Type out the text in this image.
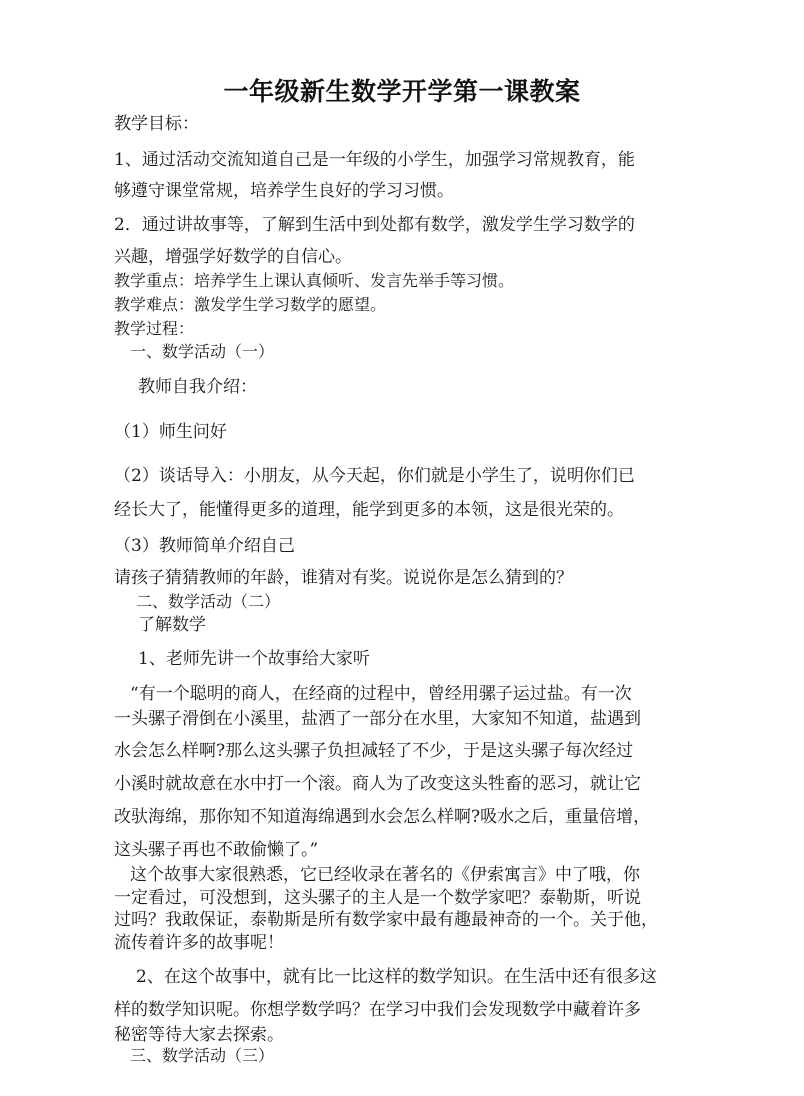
一年级新生数学开学第一课教案
教学目标：
1、通过活动交流知道自己是一年级的小学生，加强学习常规教育，能
够遵守课堂常规，培养学生良好的学习习惯。
2．通过讲故事等，了解到生活中到处都有数学，激发学生学习数学的
兴趣，增强学好数学的自信心。
教学重点：培养学生上课认真倾听、发言先举手等习惯。
教学难点：激发学生学习数学的愿望。
教学过程：
一、数学活动（一）
教师自我介绍：
（1）师生问好
（2）谈话导入：小朋友，从今天起，你们就是小学生了，说明你们已
经长大了，能懂得更多的道理，能学到更多的本领，这是很光荣的。
（3）教师简单介绍自己
请孩子猜猜教师的年龄，谁猜对有奖。说说你是怎么猜到的？
二、数学活动（二）
了解数学
1、老师先讲一个故事给大家听
“有一个聪明的商人，在经商的过程中，曾经用骡子运过盐。有一次
一头骡子滑倒在小溪里，盐洒了一部分在水里，大家知不知道，盐遇到
水会怎么样啊?那么这头骡子负担减轻了不少，于是这头骡子每次经过
小溪时就故意在水中打一个滚。商人为了改变这头牲畜的恶习，就让它
改驮海绵，那你知不知道海绵遇到水会怎么样啊?吸水之后，重量倍增，
这头骡子再也不敢偷懒了。”
这个故事大家很熟悉，它已经收录在著名的《伊索寓言》中了哦，你
一定看过，可没想到，这头骡子的主人是一个数学家吧？泰勒斯，听说
过吗？我敢保证，泰勒斯是所有数学家中最有趣最神奇的一个。关于他，
流传着许多的故事呢！
2、在这个故事中，就有比一比这样的数学知识。在生活中还有很多这
样的数学知识呢。你想学数学吗？在学习中我们会发现数学中藏着许多
秘密等待大家去探索。
三、数学活动（三）
